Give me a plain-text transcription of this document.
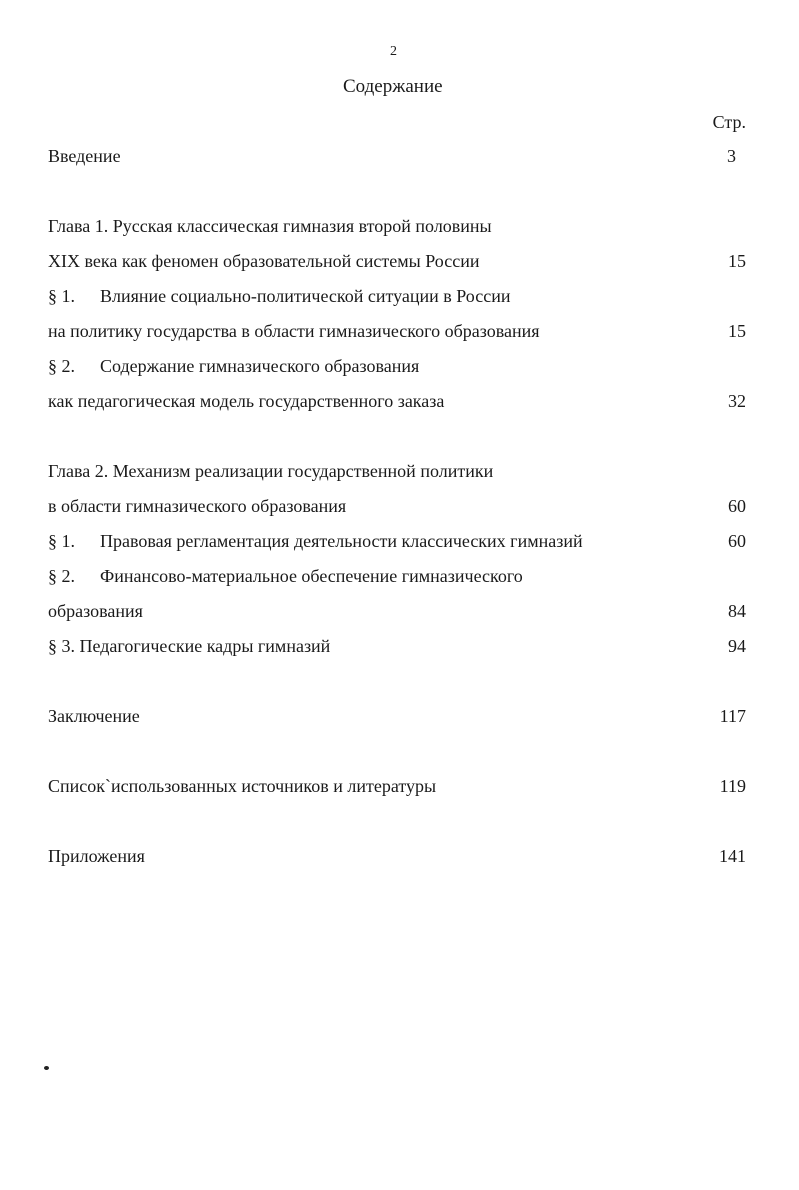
2
Содержание
Стр.
Введение	3
Глава 1. Русская классическая гимназия второй половины
XIX века как феномен образовательной системы России	15
§ 1. Влияние социально-политической ситуации в России
на политику государства в области гимназического образования	15
§ 2. Содержание гимназического образования
как педагогическая модель государственного заказа	32
Глава 2. Механизм реализации государственной политики
в области гимназического образования	60
§ 1. Правовая регламентация деятельности классических гимназий	60
§ 2. Финансово-материальное обеспечение гимназического
образования	84
§ 3. Педагогические кадры гимназий	94
Заключение	117
Список`использованных источников и литературы	119
Приложения	141
